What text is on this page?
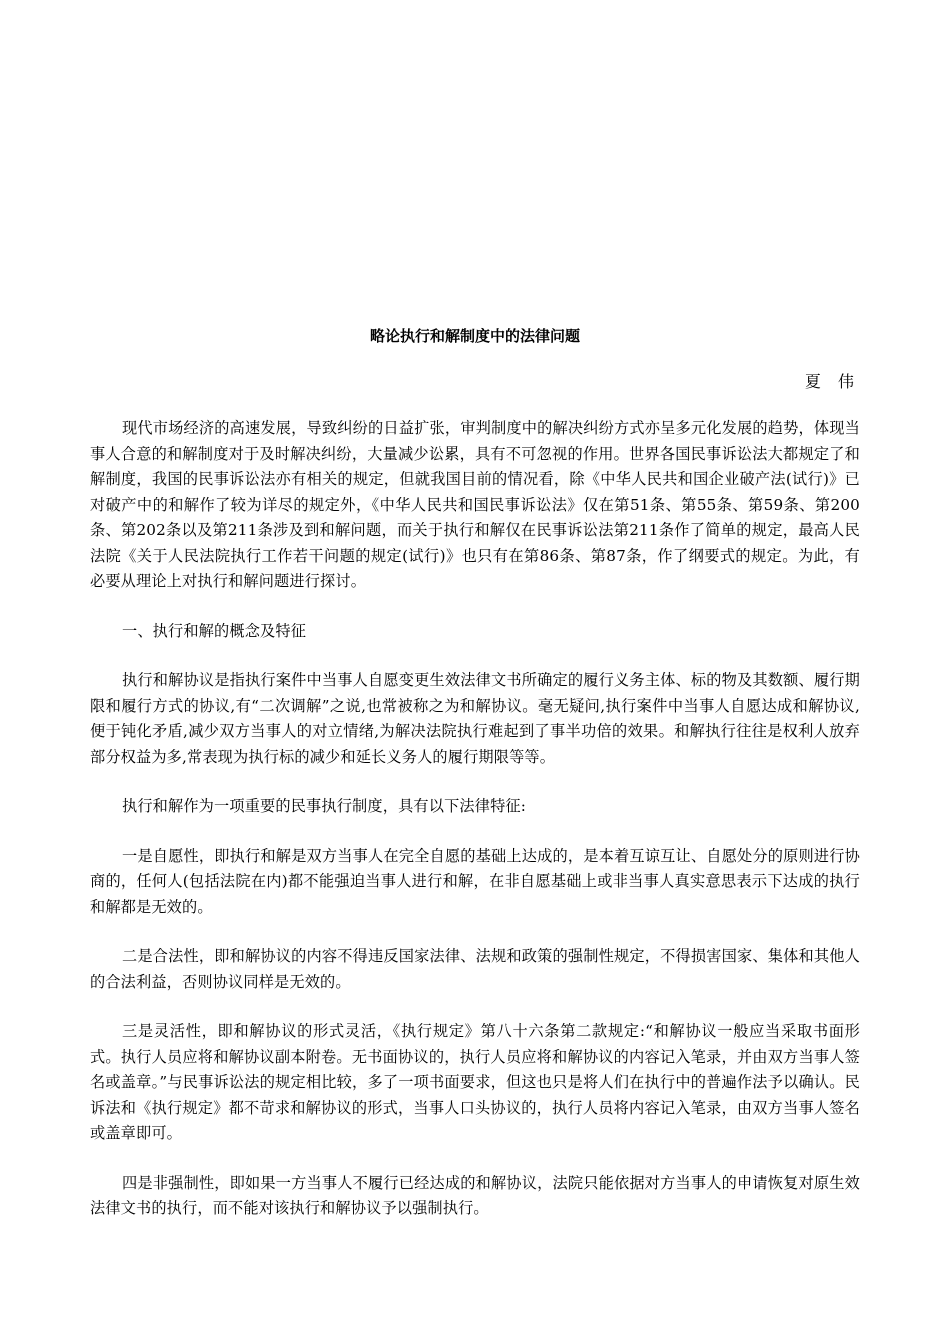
略论执行和解制度中的法律问题
夏 伟

现代市场经济的高速发展，导致纠纷的日益扩张，审判制度中的解决纠纷方式亦呈多元化发展的趋势，体现当事人合意的和解制度对于及时解决纠纷，大量减少讼累，具有不可忽视的作用。世界各国民事诉讼法大都规定了和解制度，我国的民事诉讼法亦有相关的规定，但就我国目前的情况看，除《中华人民共和国企业破产法(试行)》已对破产中的和解作了较为详尽的规定外，《中华人民共和国民事诉讼法》仅在第51条、第55条、第59条、第200条、第202条以及第211条涉及到和解问题，而关于执行和解仅在民事诉讼法第211条作了简单的规定，最高人民法院《关于人民法院执行工作若干问题的规定(试行)》也只有在第86条、第87条，作了纲要式的规定。为此，有必要从理论上对执行和解问题进行探讨。

一、执行和解的概念及特征

执行和解协议是指执行案件中当事人自愿变更生效法律文书所确定的履行义务主体、标的物及其数额、履行期限和履行方式的协议,有“二次调解”之说,也常被称之为和解协议。毫无疑问,执行案件中当事人自愿达成和解协议,便于钝化矛盾,减少双方当事人的对立情绪,为解决法院执行难起到了事半功倍的效果。和解执行往往是权利人放弃部分权益为多,常表现为执行标的减少和延长义务人的履行期限等等。

执行和解作为一项重要的民事执行制度，具有以下法律特征:

一是自愿性，即执行和解是双方当事人在完全自愿的基础上达成的，是本着互谅互让、自愿处分的原则进行协商的，任何人(包括法院在内)都不能强迫当事人进行和解，在非自愿基础上或非当事人真实意思表示下达成的执行和解都是无效的。

二是合法性，即和解协议的内容不得违反国家法律、法规和政策的强制性规定，不得损害国家、集体和其他人的合法利益，否则协议同样是无效的。

三是灵活性，即和解协议的形式灵活，《执行规定》第八十六条第二款规定:“和解协议一般应当采取书面形式。执行人员应将和解协议副本附卷。无书面协议的，执行人员应将和解协议的内容记入笔录，并由双方当事人签名或盖章。”与民事诉讼法的规定相比较，多了一项书面要求，但这也只是将人们在执行中的普遍作法予以确认。民诉法和《执行规定》都不苛求和解协议的形式，当事人口头协议的，执行人员将内容记入笔录，由双方当事人签名或盖章即可。

四是非强制性，即如果一方当事人不履行已经达成的和解协议，法院只能依据对方当事人的申请恢复对原生效法律文书的执行，而不能对该执行和解协议予以强制执行。
